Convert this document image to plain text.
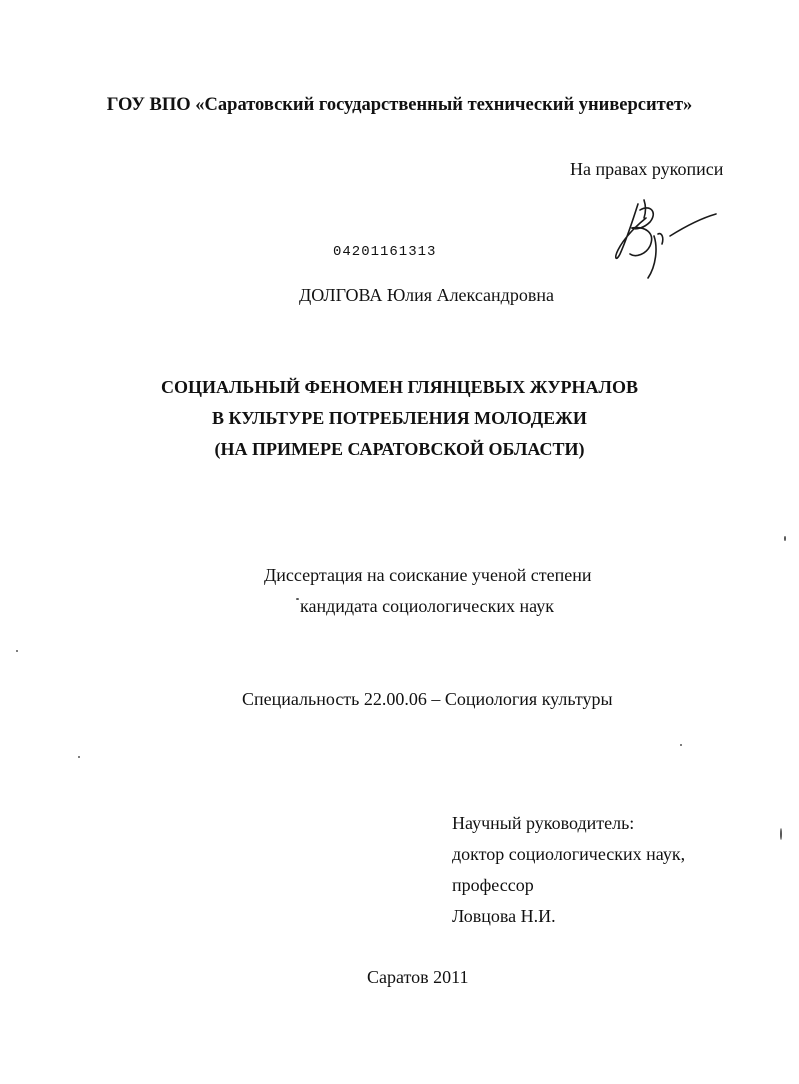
ГОУ ВПО «Саратовский государственный технический университет»
На правах рукописи
04201161313
ДОЛГОВА Юлия Александровна
СОЦИАЛЬНЫЙ ФЕНОМЕН ГЛЯНЦЕВЫХ ЖУРНАЛОВ
В КУЛЬТУРЕ ПОТРЕБЛЕНИЯ МОЛОДЕЖИ
(НА ПРИМЕРЕ САРАТОВСКОЙ ОБЛАСТИ)
Диссертация на соискание ученой степени
кандидата социологических наук
Специальность 22.00.06 – Социология культуры
Научный руководитель:
доктор социологических наук,
профессор
Ловцова Н.И.
Саратов 2011
